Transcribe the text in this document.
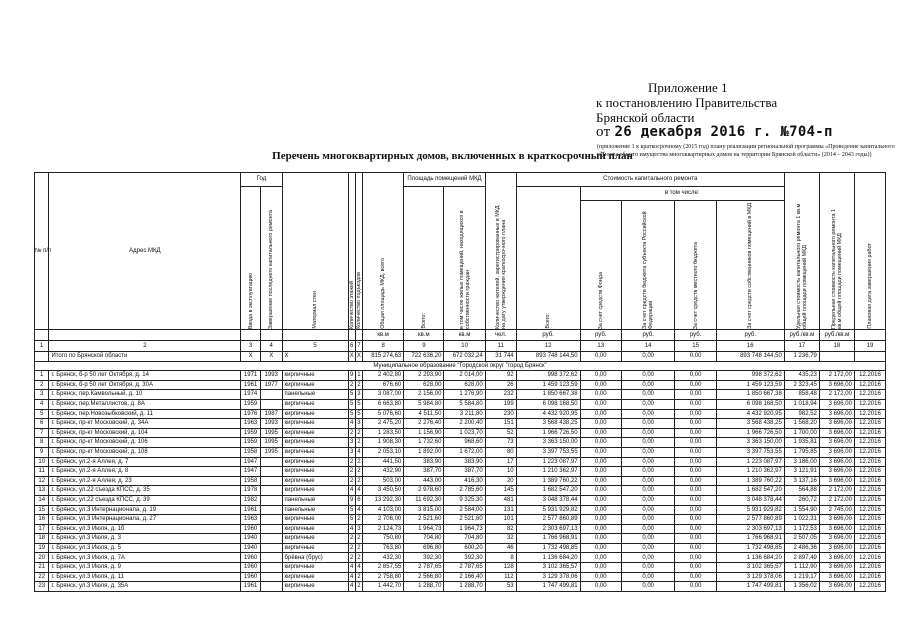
Приложение 1
к постановлению Правительства
Брянской области
от 26 декабря 2016 г. №704-п
(приложение 1 к краткосрочному (2015 год) плану реализации региональной программы «Проведение капитального ремонта общего имущества многоквартирных домов на территории Брянской области» (2014 – 2043 годы))
Перечень многоквартирных домов, включенных в краткосрочный план
№ п/п	Адрес МКД	Год		Материал стен	Количество этажей	Количество подъездов	Общая площадь МКД, всего	Площадь помещений МКД		Количество жителей, зарегистрированных в МКД на дату утверждения краткосрочного плана	Стоимость капитального ремонта					Удельная стоимость капитального ремонта 1 кв.м общей площади помещений МКД	Предельная стоимость капитального ремонта 1 кв.м общей площади помещений МКД	Плановая дата завершения работ

		Ввода в эксплуатацию	Завершение последнего капитального ремонта					Всего:	в том числе жилых помещений, находящихся в собственности граждан		Всего:	в том числе:						

												За счет средств Фонда	За счет средств бюджета субъекта Российской Федерации	За счет средств местного бюджета	За счет средств собственников помещений в МКД			

							кв.м	кв.м	кв.м	чел.	руб.	руб.	руб.	руб.	руб.	руб./кв.м	руб./кв.м	
1	2	3	4	5	6	7	8	9	10	11	12	13	14	15	16	17	18	19
	Итого по Брянской области	X	X	X	X	X	815 274,63	722 636,20	672 032,24	31 744	893 748 144,50	0,00	0,00	0,00	893 748 144,50	1 236,79		
Муниципальное образование "Городской округ "город Брянск"																		
1	г. Брянск, б-р 50 лет Октября, д. 14	1971	1993	кирпичные	9	1	2 402,80	2 293,90	2 014,00	92	998 372,62	0,00	0,00	0,00	998 372,62	435,23	2 172,00	12.2016
2	г. Брянск, б-р 50 лет Октября, д. 30А	1961	1977	кирпичные	2	2	676,60	628,00	628,00	26	1 459 123,59	0,00	0,00	0,00	1 459 123,59	2 323,45	3 696,00	12.2016
3	г. Брянск, пер.Камвольный, д. 10	1974		панельные	5	3	3 087,00	2 156,00	1 276,90	232	1 850 667,38	0,00	0,00	0,00	1 850 667,38	858,48	2 172,00	12.2016
4	г. Брянск, пер.Металлистов, д. 8А	1959		кирпичные	5	5	6 663,80	5 984,80	5 584,80	199	6 098 168,50	0,00	0,00	0,00	6 098 168,50	1 018,94	3 696,00	12.2016
5	г. Брянск, пер.Новозыбковский, д. 11	1976	1987	кирпичные	5	5	5 076,60	4 511,50	3 211,80	230	4 432 920,95	0,00	0,00	0,00	4 432 920,95	982,52	3 696,00	12.2016
6	г. Брянск, пр-кт Московский, д. 34А	1963	1993	кирпичные	4	3	2 475,20	2 276,40	2 200,40	151	3 568 438,25	0,00	0,00	0,00	3 568 438,25	1 568,20	3 696,00	12.2016
7	г. Брянск, пр-кт Московский, д. 104	1959	1995	кирпичные	2	2	1 283,50	1 156,90	1 023,70	52	1 966 726,50	0,00	0,00	0,00	1 966 726,50	1 700,00	3 696,00	12.2016
8	г. Брянск, пр-кт Московский, д. 106	1959	1995	кирпичные	3	2	1 908,30	1 732,60	968,60	73	3 363 150,00	0,00	0,00	0,00	3 363 150,00	1 935,81	3 696,00	12.2016
9	г. Брянск, пр-кт Московский, д. 108	1958	1995	кирпичные	3	4	2 053,10	1 892,00	1 672,00	80	3 397 753,55	0,00	0,00	0,00	3 397 753,55	1 795,85	3 696,00	12.2016
10	г. Брянск, ул.2-я Аллея, д. 7	1947		кирпичные	2	2	441,50	383,90	383,90	17	1 223 087,97	0,00	0,00	0,00	1 223 087,97	3 186,00	3 696,00	12.2016
11	г. Брянск, ул.2-я Аллея, д. 8	1947		кирпичные	2	2	432,90	387,70	387,70	10	1 210 362,97	0,00	0,00	0,00	1 210 362,97	3 121,91	3 696,00	12.2016
12	г. Брянск, ул.2-я Аллея, д. 23	1958		кирпичные	2	2	503,00	443,00	416,30	20	1 389 760,22	0,00	0,00	0,00	1 389 760,22	3 137,16	3 696,00	12.2016
13	г. Брянск, ул.22 съезда КПСС, д. 35	1978		кирпичные	4	4	3 450,50	2 978,60	2 785,60	145	1 682 547,20	0,00	0,00	0,00	1 682 547,20	564,88	2 172,00	12.2016
14	г. Брянск, ул.22 съезда КПСС, д. 39	1982		панельные	9	6	13 292,30	11 692,30	9 325,30	481	3 048 378,44	0,00	0,00	0,00	3 048 378,44	260,72	2 172,00	12.2016
15	г. Брянск, ул.3 Интернационала, д. 19	1961		панельные	5	4	4 103,00	3 815,00	2 584,00	131	5 931 929,82	0,00	0,00	0,00	5 931 929,82	1 554,90	2 745,00	12.2016
16	г. Брянск, ул.3 Интернационала, д. 27	1963		кирпичные	5	2	2 706,00	2 521,60	2 521,60	101	2 577 860,89	0,00	0,00	0,00	2 577 860,89	1 022,31	3 696,00	12.2016
17	г. Брянск, ул.3 Июля, д. 1б	1960		кирпичные	4	3	2 124,73	1 964,73	1 964,73	82	2 303 697,13	0,00	0,00	0,00	2 303 697,13	1 172,53	3 696,00	12.2016
18	г. Брянск, ул.3 Июля, д. 3	1940		кирпичные	2	2	750,80	704,80	704,80	32	1 766 968,91	0,00	0,00	0,00	1 766 968,91	2 507,05	3 696,00	12.2016
19	г. Брянск, ул.3 Июля, д. 5	1940		кирпичные	2	2	763,80	696,80	600,20	46	1 732 498,85	0,00	0,00	0,00	1 732 498,85	2 486,36	3 696,00	12.2016
20	г. Брянск, ул.3 Июля, д. 7А	1960		брёвна (брус)	2	2	432,30	392,30	392,30	8	1 136 684,20	0,00	0,00	0,00	1 136 684,20	2 897,49	3 696,00	12.2016
21	г. Брянск, ул.3 Июля, д. 9	1960		кирпичные	4	4	2 857,55	2 787,65	2 787,65	128	3 102 365,57	0,00	0,00	0,00	3 102 365,57	1 112,90	3 696,00	12.2016
22	г. Брянск, ул.3 Июля, д. 11	1960		кирпичные	4	2	2 758,80	2 566,80	2 166,40	112	3 129 378,06	0,00	0,00	0,00	3 129 378,06	1 219,17	3 696,00	12.2016
23	г. Брянск, ул.3 Июля, д. 35А	1961		кирпичные	4	2	1 442,70	1 288,70	1 288,70	53	1 747 499,81	0,00	0,00	0,00	1 747 499,81	1 356,02	3 696,00	12.2016
